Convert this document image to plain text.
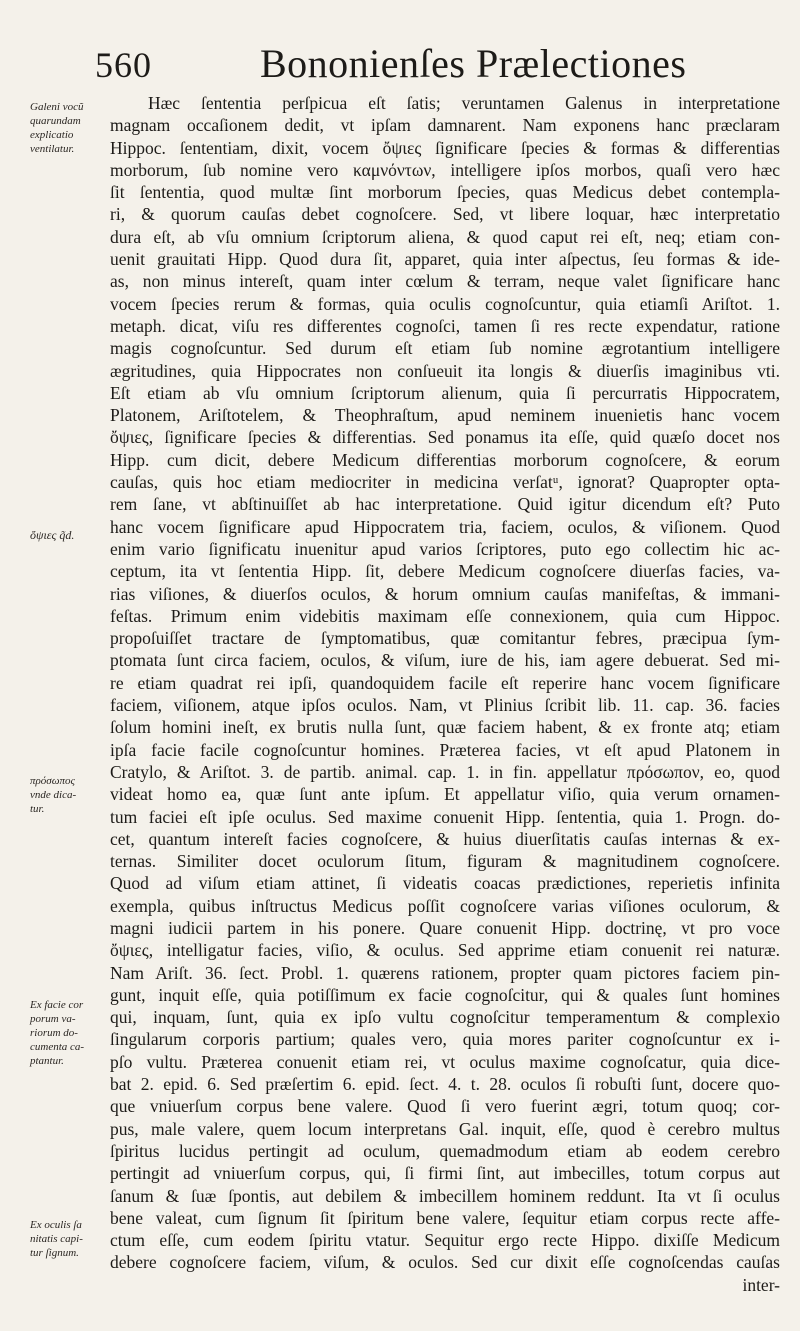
560	Bononienſes Prælectiones
Galeni vocũ
quarundam
explicatio
ventilatur.
ὄψιες q̃d.
πρόσωπος
vnde dica-
tur.
Ex facie cor
porum va-
riorum do-
cumenta ca-
ptantur.
Ex oculis ſa
nitatis capi-
tur ſignum.
Hæc ſententia perſpicua eſt ſatis; veruntamen Galenus in interpretatione
magnam occaſionem dedit, vt ipſam damnarent. Nam exponens hanc præclaram
Hippoc. ſententiam, dixit, vocem ὄψιες ſignificare ſpecies & formas & differentias
morborum, ſub nomine vero καμνόντων, intelligere ipſos morbos, quaſi vero hæc
ſit ſententia, quod multæ ſint morborum ſpecies, quas Medicus debet contempla-
ri, & quorum cauſas debet cognoſcere. Sed, vt libere loquar, hæc interpretatio
dura eſt, ab vſu omnium ſcriptorum aliena, & quod caput rei eſt, neq; etiam con-
uenit grauitati Hipp. Quod dura ſit, apparet, quia inter aſpectus, ſeu formas & ide-
as, non minus intereſt, quam inter cœlum & terram, neque valet ſignificare hanc
vocem ſpecies rerum & formas, quia oculis cognoſcuntur, quia etiamſi Ariſtot. 1.
metaph. dicat, viſu res differentes cognoſci, tamen ſi res recte expendatur, ratione
magis cognoſcuntur. Sed durum eſt etiam ſub nomine ægrotantium intelligere
ægritudines, quia Hippocrates non conſueuit ita longis & diuerſis imaginibus vti.
Eſt etiam ab vſu omnium ſcriptorum alienum, quia ſi percurratis Hippocratem,
Platonem, Ariſtotelem, & Theophraſtum, apud neminem inuenietis hanc vocem
ὄψιες, ſignificare ſpecies & differentias. Sed ponamus ita eſſe, quid quæſo docet nos
Hipp. cum dicit, debere Medicum differentias morborum cognoſcere, & eorum
cauſas, quis hoc etiam mediocriter in medicina verſatᵘ, ignorat? Quapropter opta-
rem ſane, vt abſtinuiſſet ab hac interpretatione. Quid igitur dicendum eſt? Puto
hanc vocem ſignificare apud Hippocratem tria, faciem, oculos, & viſionem. Quod
enim vario ſignificatu inuenitur apud varios ſcriptores, puto ego collectim hic ac-
ceptum, ita vt ſententia Hipp. ſit, debere Medicum cognoſcere diuerſas facies, va-
rias viſiones, & diuerſos oculos, & horum omnium cauſas manifeſtas, & immani-
feſtas. Primum enim videbitis maximam eſſe connexionem, quia cum Hippoc.
propoſuiſſet tractare de ſymptomatibus, quæ comitantur febres, præcipua ſym-
ptomata ſunt circa faciem, oculos, & viſum, iure de his, iam agere debuerat. Sed mi-
re etiam quadrat rei ipſi, quandoquidem facile eſt reperire hanc vocem ſignificare
faciem, viſionem, atque ipſos oculos. Nam, vt Plinius ſcribit lib. 11. cap. 36. facies
ſolum homini ineſt, ex brutis nulla ſunt, quæ faciem habent, & ex fronte atq; etiam
ipſa facie facile cognoſcuntur homines. Præterea facies, vt eſt apud Platonem in
Cratylo, & Ariſtot. 3. de partib. animal. cap. 1. in fin. appellatur πρόσωπον, eo, quod
videat homo ea, quæ ſunt ante ipſum. Et appellatur viſio, quia verum ornamen-
tum faciei eſt ipſe oculus. Sed maxime conuenit Hipp. ſententia, quia 1. Progn. do-
cet, quantum intereſt facies cognoſcere, & huius diuerſitatis cauſas internas & ex-
ternas. Similiter docet oculorum ſitum, figuram & magnitudinem cognoſcere.
Quod ad viſum etiam attinet, ſi videatis coacas prædictiones, reperietis infinita
exempla, quibus inſtructus Medicus poſſit cognoſcere varias viſiones oculorum, &
magni iudicii partem in his ponere. Quare conuenit Hipp. doctrinę, vt pro voce
ὄψιες, intelligatur facies, viſio, & oculus. Sed apprime etiam conuenit rei naturæ.
Nam Ariſt. 36. ſect. Probl. 1. quærens rationem, propter quam pictores faciem pin-
gunt, inquit eſſe, quia potiſſimum ex facie cognoſcitur, qui & quales ſunt homines
qui, inquam, ſunt, quia ex ipſo vultu cognoſcitur temperamentum & complexio
ſingularum corporis partium; quales vero, quia mores pariter cognoſcuntur ex i-
pſo vultu. Præterea conuenit etiam rei, vt oculus maxime cognoſcatur, quia dice-
bat 2. epid. 6. Sed præſertim 6. epid. ſect. 4. t. 28. oculos ſi robuſti ſunt, docere quo-
que vniuerſum corpus bene valere. Quod ſi vero fuerint ægri, totum quoq; cor-
pus, male valere, quem locum interpretans Gal. inquit, eſſe, quod è cerebro multus
ſpiritus lucidus pertingit ad oculum, quemadmodum etiam ab eodem cerebro
pertingit ad vniuerſum corpus, qui, ſi firmi ſint, aut imbecilles, totum corpus aut
ſanum & ſuæ ſpontis, aut debilem & imbecillem hominem reddunt. Ita vt ſi oculus
bene valeat, cum ſignum ſit ſpiritum bene valere, ſequitur etiam corpus recte affe-
ctum eſſe, cum eodem ſpiritu vtatur. Sequitur ergo recte Hippo. dixiſſe Medicum
debere cognoſcere faciem, viſum, & oculos. Sed cur dixit eſſe cognoſcendas cauſas
inter-
